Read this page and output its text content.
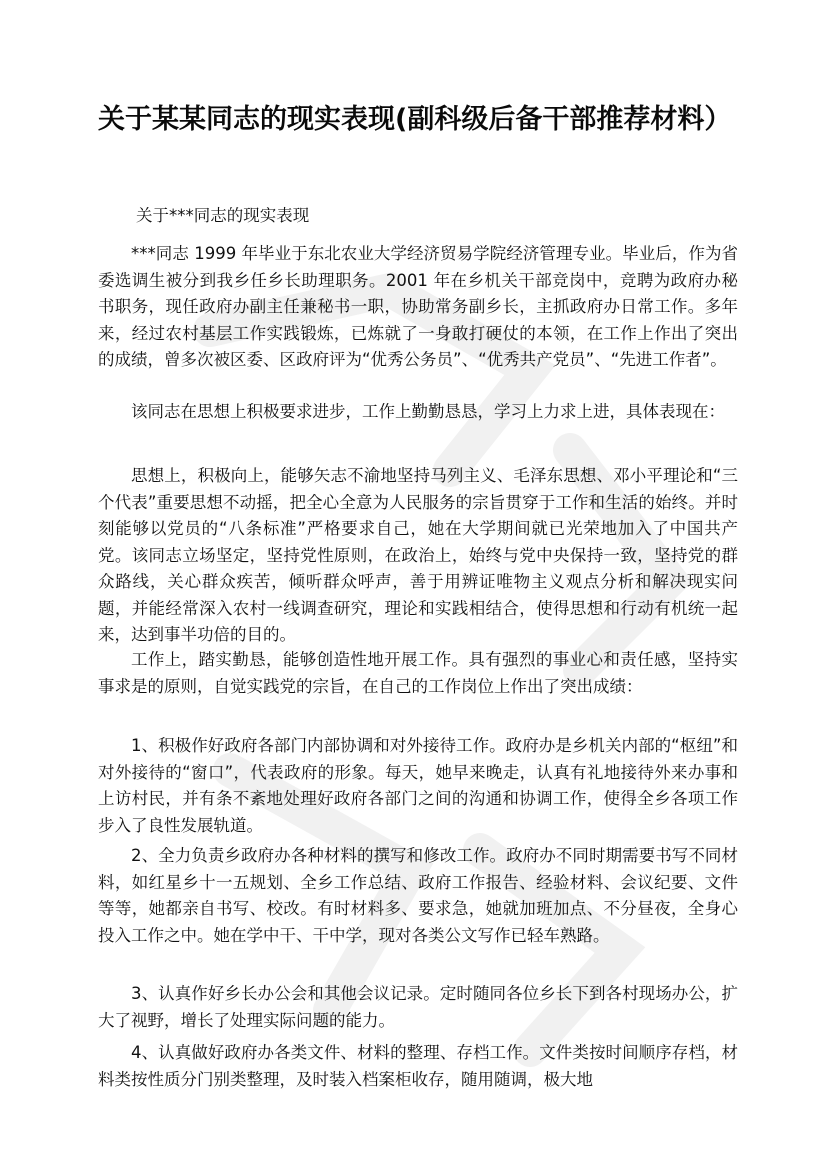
关于某某同志的现实表现(副科级后备干部推荐材料）

关于***同志的现实表现

***同志 1999 年毕业于东北农业大学经济贸易学院经济管理专业。毕业后，作为省委选调生被分到我乡任乡长助理职务。2001 年在乡机关干部竞岗中，竞聘为政府办秘书职务，现任政府办副主任兼秘书一职，协助常务副乡长，主抓政府办日常工作。多年来，经过农村基层工作实践锻炼，已炼就了一身敢打硬仗的本领，在工作上作出了突出的成绩，曾多次被区委、区政府评为“优秀公务员”、“优秀共产党员”、“先进工作者”。

该同志在思想上积极要求进步，工作上勤勤恳恳，学习上力求上进，具体表现在：

思想上，积极向上，能够矢志不渝地坚持马列主义、毛泽东思想、邓小平理论和“三个代表”重要思想不动摇，把全心全意为人民服务的宗旨贯穿于工作和生活的始终。并时刻能够以党员的“八条标准”严格要求自己，她在大学期间就已光荣地加入了中国共产党。该同志立场坚定，坚持党性原则，在政治上，始终与党中央保持一致，坚持党的群众路线，关心群众疾苦，倾听群众呼声，善于用辨证唯物主义观点分析和解决现实问题，并能经常深入农村一线调查研究，理论和实践相结合，使得思想和行动有机统一起来，达到事半功倍的目的。

工作上，踏实勤恳，能够创造性地开展工作。具有强烈的事业心和责任感，坚持实事求是的原则，自觉实践党的宗旨，在自己的工作岗位上作出了突出成绩：

1、积极作好政府各部门内部协调和对外接待工作。政府办是乡机关内部的“枢纽”和对外接待的“窗口”，代表政府的形象。每天，她早来晚走，认真有礼地接待外来办事和上访村民，并有条不紊地处理好政府各部门之间的沟通和协调工作，使得全乡各项工作步入了良性发展轨道。

2、全力负责乡政府办各种材料的撰写和修改工作。政府办不同时期需要书写不同材料，如红星乡十一五规划、全乡工作总结、政府工作报告、经验材料、会议纪要、文件等等，她都亲自书写、校改。有时材料多、要求急，她就加班加点、不分昼夜，全身心投入工作之中。她在学中干、干中学，现对各类公文写作已轻车熟路。

3、认真作好乡长办公会和其他会议记录。定时随同各位乡长下到各村现场办公，扩大了视野，增长了处理实际问题的能力。

4、认真做好政府办各类文件、材料的整理、存档工作。文件类按时间顺序存档，材料类按性质分门别类整理，及时装入档案柜收存，随用随调，极大地
